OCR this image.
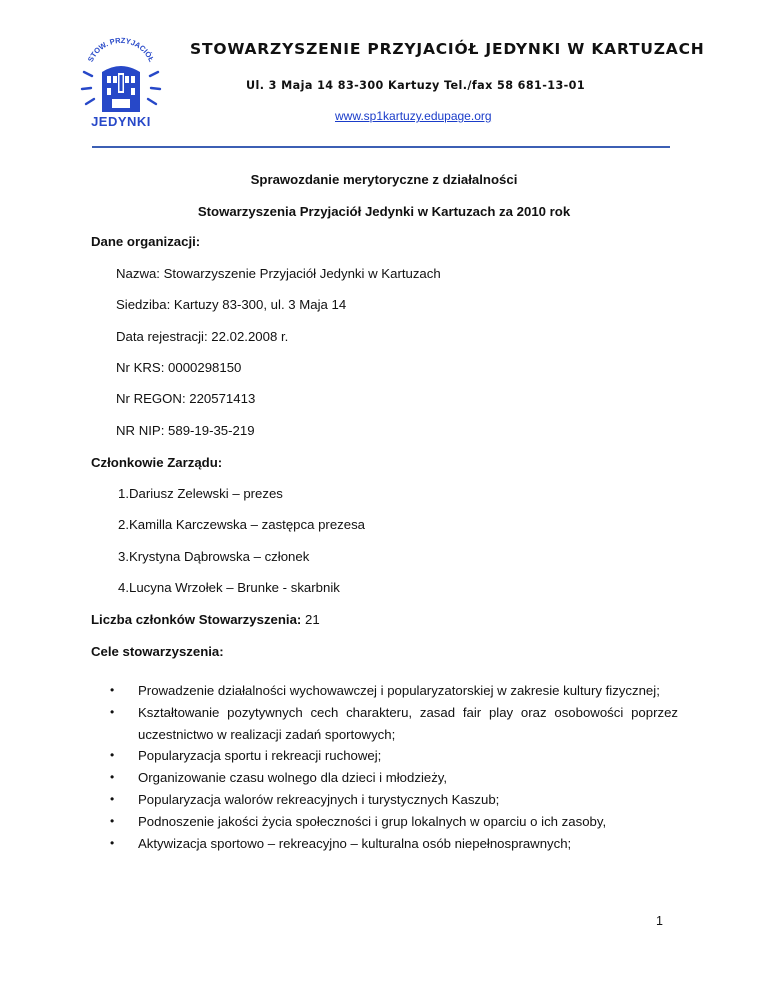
STOW. PRZYJACIÓŁ
JEDYNKI
STOWARZYSZENIE PRZYJACIÓŁ JEDYNKI W KARTUZACH
Ul. 3 Maja 14 83-300 Kartuzy Tel./fax 58 681-13-01
www.sp1kartuzy.edupage.org
Sprawozdanie merytoryczne z działalności
Stowarzyszenia Przyjaciół Jedynki w Kartuzach za 2010 rok
Dane organizacji:
Nazwa: Stowarzyszenie Przyjaciół Jedynki w Kartuzach
Siedziba: Kartuzy 83-300, ul. 3 Maja 14
Data rejestracji: 22.02.2008 r.
Nr KRS: 0000298150
Nr REGON: 220571413
NR NIP: 589-19-35-219
Członkowie Zarządu:
1.Dariusz Zelewski – prezes
2.Kamilla Karczewska – zastępca prezesa
3.Krystyna Dąbrowska – członek
4.Lucyna Wrzołek – Brunke - skarbnik
Liczba członków Stowarzyszenia: 21
Cele stowarzyszenia:
• Prowadzenie działalności wychowawczej i popularyzatorskiej w zakresie kultury fizycznej;
• Kształtowanie pozytywnych cech charakteru, zasad fair play oraz osobowości poprzez uczestnictwo w realizacji zadań sportowych;
• Popularyzacja sportu i rekreacji ruchowej;
• Organizowanie czasu wolnego dla dzieci i młodzieży,
• Popularyzacja walorów rekreacyjnych i turystycznych Kaszub;
• Podnoszenie jakości życia społeczności i grup lokalnych w oparciu o ich zasoby,
• Aktywizacja sportowo – rekreacyjno – kulturalna osób niepełnosprawnych;
1
